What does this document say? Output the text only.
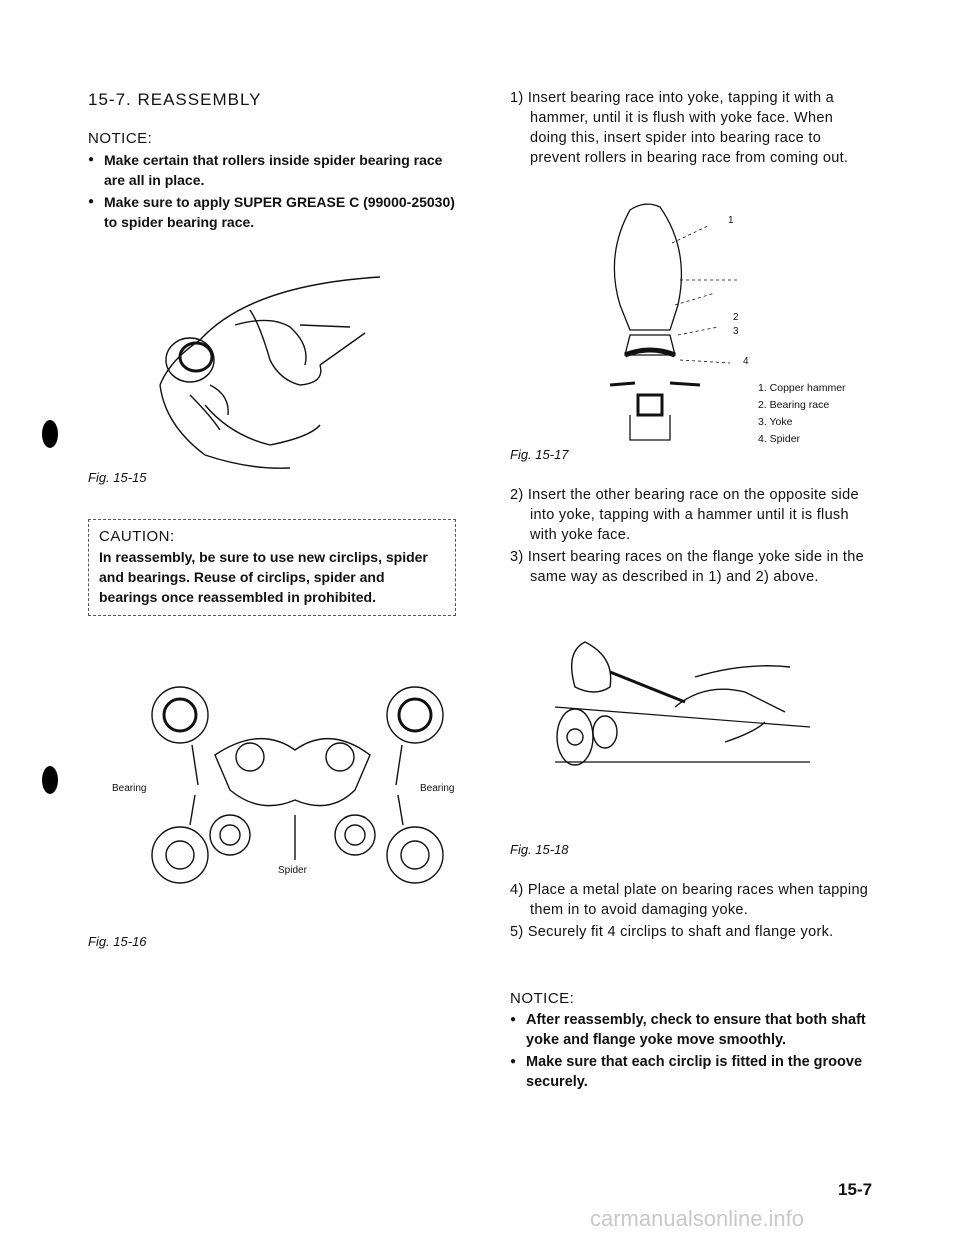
15-7. REASSEMBLY
NOTICE:
● Make certain that rollers inside spider bearing race are all in place.
● Make sure to apply SUPER GREASE C (99000-25030) to spider bearing race.
Fig. 15-15
CAUTION:
In reassembly, be sure to use new circlips, spider and bearings. Reuse of circlips, spider and bearings once reassembled in prohibited.
Bearing	Bearing
Spider
Fig. 15-16
1) Insert bearing race into yoke, tapping it with a hammer, until it is flush with yoke face. When doing this, insert spider into bearing race to prevent rollers in bearing race from coming out.
1
2
3
4
1. Copper hammer
2. Bearing race
3. Yoke
4. Spider
Fig. 15-17
2) Insert the other bearing race on the opposite side into yoke, tapping with a hammer until it is flush with yoke face.
3) Insert bearing races on the flange yoke side in the same way as described in 1) and 2) above.
Fig. 15-18
4) Place a metal plate on bearing races when tapping them in to avoid damaging yoke.
5) Securely fit 4 circlips to shaft and flange york.
NOTICE:
● After reassembly, check to ensure that both shaft yoke and flange yoke move smoothly.
● Make sure that each circlip is fitted in the groove securely.
15-7
carmanualsonline.info
